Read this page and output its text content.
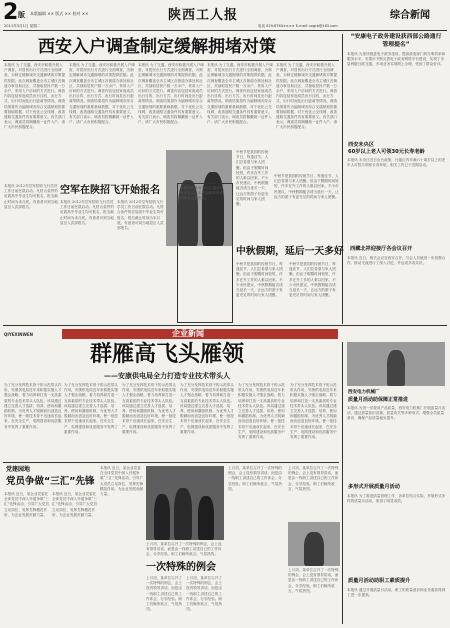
2 版 本版编辑 ×× 版式 ×× 校对 ××
2011年3月1日 星期二
陕西工人报	综合新闻
电话 029-8764×××× E-mail: sxgrb@163.com
西安入户调查制定缓解拥堵对策
本报讯 为了交通。西安市积极开展入户调查，对居民出行方式进行全面调查，为制定缓解城市交通拥堵的对策提供依据。此次调查覆盖全市主城区各街道办事处和社区，共抽取居民户数一万余户，采用入户访问的方式进行。调查内容包括家庭成员出行目的、出行方式、出行时间及出行距离等情况。调查结果将作为编制城市综合交通规划的重要基础数据，对于优化公交线网、改善道路交通条件具有重要意义。有关部门表示，调查员将佩戴统一证件入户，请广大市民积极配合。
本报讯 为了交通。西安市积极开展入户调查，对居民出行方式进行全面调查，为制定缓解城市交通拥堵的对策提供依据。此次调查覆盖全市主城区各街道办事处和社区，共抽取居民户数一万余户，采用入户访问的方式进行。调查内容包括家庭成员出行目的、出行方式、出行时间及出行距离等情况。调查结果将作为编制城市综合交通规划的重要基础数据，对于优化公交线网、改善道路交通条件具有重要意义。有关部门表示，调查员将佩戴统一证件入户，请广大市民积极配合。
本报讯 为了交通。西安市积极开展入户调查，对居民出行方式进行全面调查，为制定缓解城市交通拥堵的对策提供依据。此次调查覆盖全市主城区各街道办事处和社区，共抽取居民户数一万余户，采用入户访问的方式进行。调查内容包括家庭成员出行目的、出行方式、出行时间及出行距离等情况。调查结果将作为编制城市综合交通规划的重要基础数据，对于优化公交线网、改善道路交通条件具有重要意义。有关部门表示，调查员将佩戴统一证件入户，请广大市民积极配合。
本报讯 为了交通。西安市积极开展入户调查，对居民出行方式进行全面调查，为制定缓解城市交通拥堵的对策提供依据。此次调查覆盖全市主城区各街道办事处和社区，共抽取居民户数一万余户，采用入户访问的方式进行。调查内容包括家庭成员出行目的、出行方式、出行时间及出行距离等情况。调查结果将作为编制城市综合交通规划的重要基础数据，对于优化公交线网、改善道路交通条件具有重要意义。有关部门表示，调查员将佩戴统一证件入户，请广大市民积极配合。
本报讯 为了交通。西安市积极开展入户调查，对居民出行方式进行全面调查，为制定缓解城市交通拥堵的对策提供依据。此次调查覆盖全市主城区各街道办事处和社区，共抽取居民户数一万余户，采用入户访问的方式进行。调查内容包括家庭成员出行目的、出行方式、出行时间及出行距离等情况。调查结果将作为编制城市综合交通规划的重要基础数据，对于优化公交线网、改善道路交通条件具有重要意义。有关部门表示，调查员将佩戴统一证件入户，请广大市民积极配合。
“安康电子政务建设获西部公路通行管理提名”
本报讯 为加快推进电子政务建设，提高政府部门的办事效率和服务水平，安康市不断完善电子政务网络平台建设，实现了市县两级互联互通，多项业务实现网上办理，受到了群众好评。
西安未央区
60岁以上老人可领30元长寿老龄
本报讯 未央区近日出台政策，凡辖区内年满六十周岁以上的老年人可按月领取长寿补贴，相关工作已于近期启动。
西藏北祥迎接厅各会议召开
本报讯 近日，相关会议在西安召开，与会人员就进一步加强合作、推动交流进行了深入讨论，并达成多项共识。
中秋节是我国的传统节日，每逢佳节，人们总希望与家人团聚。但由于假期时间较短，许多在外工作的人难以回家。不少市民建议，中秋假期能否适当延长一天，让远方的游子有更充足的时间与家人团聚。
中秋节是我国的传统节日，每逢佳节，人们总希望与家人团聚。但由于假期时间较短，许多在外工作的人难以回家。不少市民建议，中秋假期能否适当延长一天，让远方的游子有更充足的时间与家人团聚。
中秋假期，延后一天多好
中秋节是我国的传统节日，每逢佳节，人们总希望与家人团聚。但由于假期时间较短，许多在外工作的人难以回家。不少市民建议，中秋假期能否适当延长一天，让远方的游子有更充足的时间与家人团聚。
中秋节是我国的传统节日，每逢佳节，人们总希望与家人团聚。但由于假期时间较短，许多在外工作的人难以回家。不少市民建议，中秋假期能否适当延长一天，让远方的游子有更充足的时间与家人团聚。
本报讯 2012年空军招收飞行学员工作日前在陕启动。凡符合条件的应届高中毕业生均可报名，报名截止时间为本月底。有意者可到当地县区人武部报名。
空军在陕招飞开始报名
本报讯 2012年空军招收飞行学员工作日前在陕启动。凡符合条件的应届高中毕业生均可报名，报名截止时间为本月底。有意者可到当地县区人武部报名。
本报讯 2012年空军招收飞行学员工作日前在陕启动。凡符合条件的应届高中毕业生均可报名，报名截止时间为本月底。有意者可到当地县区人武部报名。
本报招收本省各地区通讯员，有意者请与本报编辑部联系，联系电话见报头。
企业新闻
QIYEXINWEN
群雁高飞头雁领
——安康供电局全力打造专业技术带头人
为了充分发挥技术骨干的示范带头作用，安康供电局近年来积极实施人才强企战略，着力培养和打造一支高素质的专业技术带头人队伍。该局通过建立完善人才选拔、培养、使用和激励机制，为优秀人才脱颖而出创造良好环境，使一批技术骨干迅速成长起来，在安全生产、电网建设和优质服务中发挥了重要作用。
为了充分发挥技术骨干的示范带头作用，安康供电局近年来积极实施人才强企战略，着力培养和打造一支高素质的专业技术带头人队伍。该局通过建立完善人才选拔、培养、使用和激励机制，为优秀人才脱颖而出创造良好环境，使一批技术骨干迅速成长起来，在安全生产、电网建设和优质服务中发挥了重要作用。
为了充分发挥技术骨干的示范带头作用，安康供电局近年来积极实施人才强企战略，着力培养和打造一支高素质的专业技术带头人队伍。该局通过建立完善人才选拔、培养、使用和激励机制，为优秀人才脱颖而出创造良好环境，使一批技术骨干迅速成长起来，在安全生产、电网建设和优质服务中发挥了重要作用。
为了充分发挥技术骨干的示范带头作用，安康供电局近年来积极实施人才强企战略，着力培养和打造一支高素质的专业技术带头人队伍。该局通过建立完善人才选拔、培养、使用和激励机制，为优秀人才脱颖而出创造良好环境，使一批技术骨干迅速成长起来，在安全生产、电网建设和优质服务中发挥了重要作用。
为了充分发挥技术骨干的示范带头作用，安康供电局近年来积极实施人才强企战略，着力培养和打造一支高素质的专业技术带头人队伍。该局通过建立完善人才选拔、培养、使用和激励机制，为优秀人才脱颖而出创造良好环境，使一批技术骨干迅速成长起来，在安全生产、电网建设和优质服务中发挥了重要作用。
为了充分发挥技术骨干的示范带头作用，安康供电局近年来积极实施人才强企战略，着力培养和打造一支高素质的专业技术带头人队伍。该局通过建立完善人才选拔、培养、使用和激励机制，为优秀人才脱颖而出创造良好环境，使一批技术骨干迅速成长起来，在安全生产、电网建设和优质服务中发挥了重要作用。
党建园地
党员争做“三汇”先锋
本报讯 近日，某企业党委在全体党员中深入开展争做“三汇”先锋活动，引导广大党员立足岗位、发挥先锋模范作用，为企业发展贡献力量。
本报讯 近日，某企业党委在全体党员中深入开展争做“三汇”先锋活动，引导广大党员立足岗位、发挥先锋模范作用，为企业发展贡献力量。
本报讯 近日，某企业党委在全体党员中深入开展争做“三汇”先锋活动，引导广大党员立足岗位、发挥先锋模范作用，为企业发展贡献力量。
上月初，某单位召开了一次特殊的例会，会上没有领导讲话，而是由一线职工讲述自己的工作体会，分享经验。职工们畅所欲言，气氛热烈。
一次特殊的例会
上月初，某单位召开了一次特殊的例会，会上没有领导讲话，而是由一线职工讲述自己的工作体会，分享经验。职工们畅所欲言，气氛热烈。
上月初，某单位召开了一次特殊的例会，会上没有领导讲话，而是由一线职工讲述自己的工作体会，分享经验。职工们畅所欲言，气氛热烈。
上月初，某单位召开了一次特殊的例会，会上没有领导讲话，而是由一线职工讲述自己的工作体会，分享经验。职工们畅所欲言，气氛热烈。
上月初，某单位召开了一次特殊的例会，会上没有领导讲话，而是由一线职工讲述自己的工作体会，分享经验。职工们畅所欲言，气氛热烈。
上月初，某单位召开了一次特殊的例会，会上没有领导讲话，而是由一线职工讲述自己的工作体会，分享经验。职工们畅所欲言，气氛热烈。
西安电力机械厂
质量月活动助保障正常推进
本报讯 为进一步提高产品质量，西安电力机械厂开展质量月活动，通过质量知识竞赛、质量攻关等多种形式，增强全员质量意识，确保产品质量稳步提升。
多形式开展质量月活动
本报讯 为了推进质量管理工作，各单位结合实际，开展形式多样的质量月活动，取得了明显成效。
质量月活动助职工素质提升
本报讯 通过开展质量月活动，职工的质量意识和业务素质得到了进一步提高。
